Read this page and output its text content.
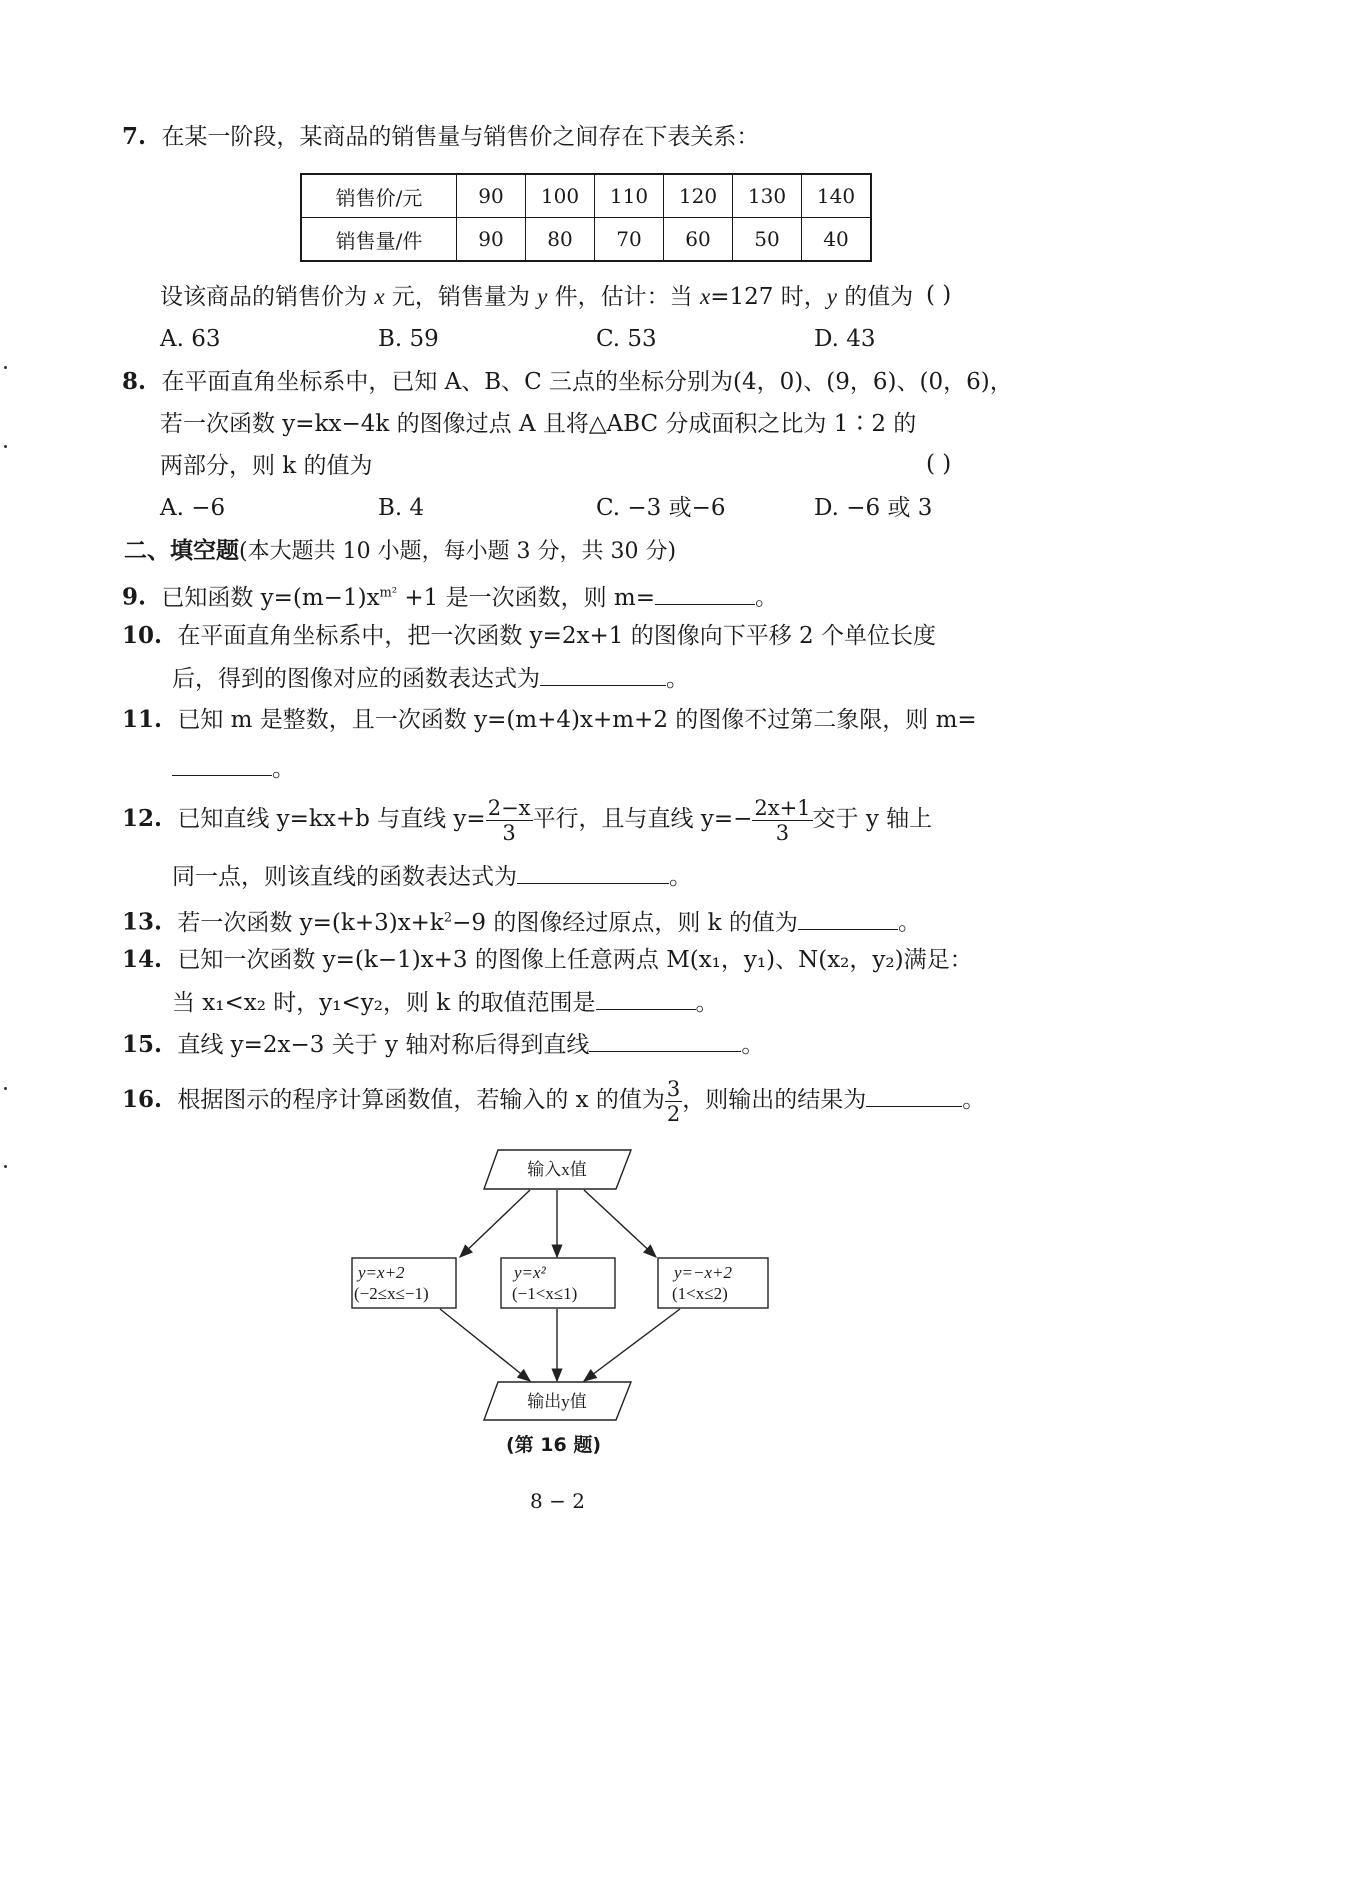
7. 在某一阶段，某商品的销售量与销售价之间存在下表关系：
销售价/元	90	100	110	120	130	140
销售量/件	90	80	70	60	50	40
设该商品的销售价为 x 元，销售量为 y 件，估计：当 x=127 时，y 的值为 ( )
A. 63	B. 59	C. 53	D. 43
8. 在平面直角坐标系中，已知 A、B、C 三点的坐标分别为(4，0)、(9，6)、(0，6)，
若一次函数 y=kx−4k 的图像过点 A 且将△ABC 分成面积之比为 1∶2 的
两部分，则 k 的值为	( )
A. −6	B. 4	C. −3 或−6	D. −6 或 3
二、填空题(本大题共 10 小题，每小题 3 分，共 30 分)
9. 已知函数 $y=(m-1)x^{m^2} +1$ 是一次函数，则 m=	。
10. 在平面直角坐标系中，把一次函数 y=2x+1 的图像向下平移 2 个单位长度
后，得到的图像对应的函数表达式为	。
11. 已知 m 是整数，且一次函数 y=(m+4)x+m+2 的图像不过第二象限，则 m=
。
12. 已知直线 y=kx+b 与直线 $y= \frac{2-x}{3}$ 平行，且与直线 $y=- \frac{2x+1}{3}$ 交于 y 轴上
同一点，则该直线的函数表达式为	。
13. 若一次函数 $y=(k+3)x+k^2-9$ 的图像经过原点，则 k 的值为	。
14. 已知一次函数 y=(k−1)x+3 的图像上任意两点 M(x₁，y₁)、N(x₂，y₂)满足：
当 x₁<x₂ 时，y₁<y₂，则 k 的取值范围是	。
15. 直线 y=2x−3 关于 y 轴对称后得到直线	。
16. 根据图示的程序计算函数值，若输入的 x 的值为 $\frac{3}{2}$ ，则输出的结果为	。
输入x值
输出y值
y=x+2
(−2≤x≤−1)
y=x²
(−1<x≤1)
y=−x+2
(1<x≤2)
(第 16 题)
8 − 2
